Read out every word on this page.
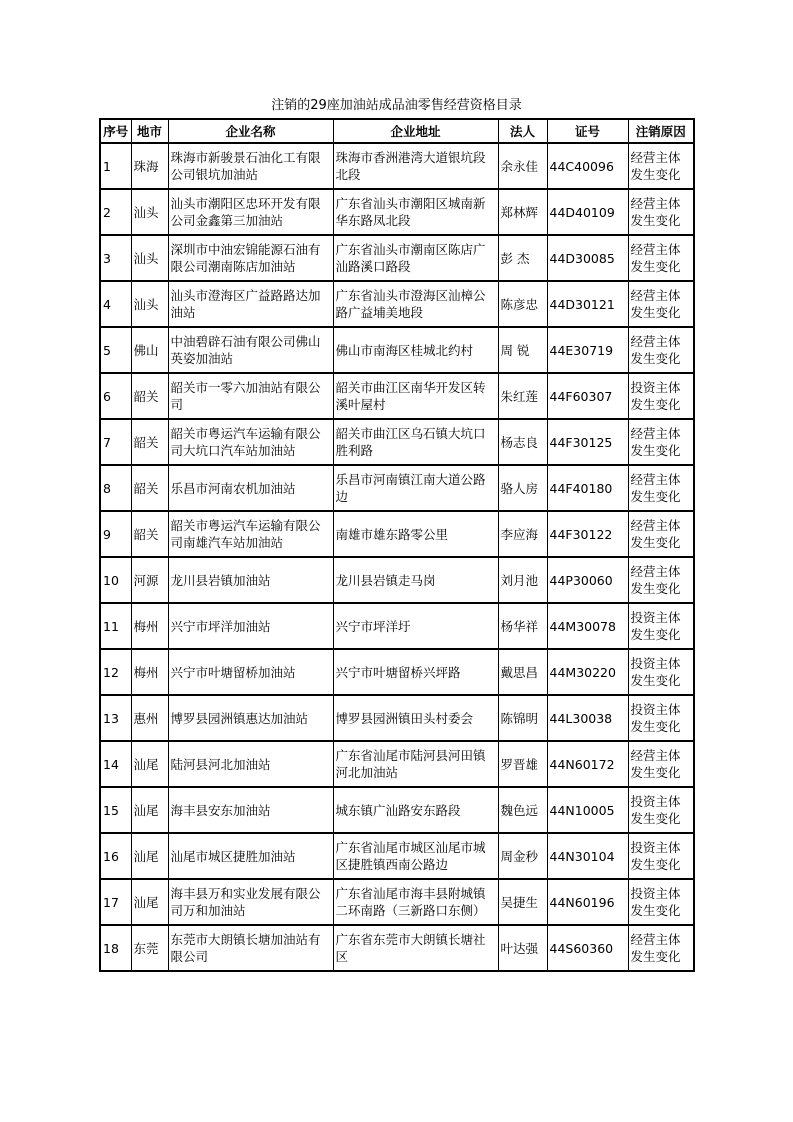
注销的29座加油站成品油零售经营资格目录
序号	地市	企业名称	企业地址	法人	证号	注销原因
1	珠海	珠海市新骏景石油化工有限公司银坑加油站	珠海市香洲港湾大道银坑段北段	余永佳	44C40096	经营主体发生变化
2	汕头	汕头市潮阳区忠环开发有限公司金鑫第三加油站	广东省汕头市潮阳区城南新华东路凤北段	郑林辉	44D40109	经营主体发生变化
3	汕头	深圳市中油宏锦能源石油有限公司潮南陈店加油站	广东省汕头市潮南区陈店广汕路溪口路段	彭 杰	44D30085	经营主体发生变化
4	汕头	汕头市澄海区广益路路达加油站	广东省汕头市澄海区汕樟公路广益埔美地段	陈彦忠	44D30121	经营主体发生变化
5	佛山	中油碧辟石油有限公司佛山英姿加油站	佛山市南海区桂城北约村	周 锐	44E30719	经营主体发生变化
6	韶关	韶关市一零六加油站有限公司	韶关市曲江区南华开发区转溪叶屋村	朱红莲	44F60307	投资主体发生变化
7	韶关	韶关市粤运汽车运输有限公司大坑口汽车站加油站	韶关市曲江区乌石镇大坑口胜利路	杨志良	44F30125	经营主体发生变化
8	韶关	乐昌市河南农机加油站	乐昌市河南镇江南大道公路边	骆人房	44F40180	经营主体发生变化
9	韶关	韶关市粤运汽车运输有限公司南雄汽车站加油站	南雄市雄东路零公里	李应海	44F30122	经营主体发生变化
10	河源	龙川县岩镇加油站	龙川县岩镇走马岗	刘月池	44P30060	经营主体发生变化
11	梅州	兴宁市坪洋加油站	兴宁市坪洋圩	杨华祥	44M30078	投资主体发生变化
12	梅州	兴宁市叶塘留桥加油站	兴宁市叶塘留桥兴坪路	戴思昌	44M30220	投资主体发生变化
13	惠州	博罗县园洲镇惠达加油站	博罗县园洲镇田头村委会	陈锦明	44L30038	投资主体发生变化
14	汕尾	陆河县河北加油站	广东省汕尾市陆河县河田镇河北加油站	罗晋雄	44N60172	经营主体发生变化
15	汕尾	海丰县安东加油站	城东镇广汕路安东路段	魏色远	44N10005	投资主体发生变化
16	汕尾	汕尾市城区捷胜加油站	广东省汕尾市城区汕尾市城区捷胜镇西南公路边	周金秒	44N30104	投资主体发生变化
17	汕尾	海丰县万和实业发展有限公司万和加油站	广东省汕尾市海丰县附城镇二环南路（三新路口东侧）	吴捷生	44N60196	投资主体发生变化
18	东莞	东莞市大朗镇长塘加油站有限公司	广东省东莞市大朗镇长塘社区	叶达强	44S60360	经营主体发生变化
